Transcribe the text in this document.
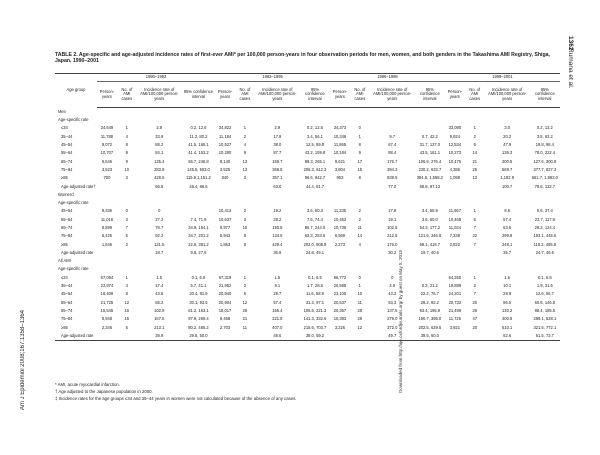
1362
Rumana et al.
Am J Epidemiol 2008;167:1358–1364	Downloaded from http://aje.oxfordjournals.org/ by guest on May 5, 2015
TABLE 2. Age-specific and age-adjusted incidence rates of first-ever AMI* per 100,000 person-years in four observation periods for men, women, and both genders in the Takashima AMI Registry, Shiga, Japan, 1990–2001
Age group	1990–1992				1993–1995				1996–1998				1999–2001			
	Person-years	No. of AMI cases	Incidence rate of AMI/100,000 person-years	95% confidence interval	Person-years	No. of AMI cases	Incidence rate of AMI/100,000 person-years	95% confidence interval	Person-years	No. of AMI cases	Incidence rate of AMI/100,000 person-years	95% confidence interval	Person-years	No. of AMI cases	Incidence rate of AMI/100,000 person-years	95% confidence interval
Men																
Age-specific rate																
≤34	34,649	1	2.9	0.2, 12.6	34,822	1	2.9	0.2, 12.6	34,373	0			33,090	1	3.0	0.2, 13.2
35–44	11,788	4	33.9	11.2, 80.2	11,184	2	17.9	3.4, 56.1	10,346	1	9.7	0.7, 42.2	9,924	2	20.2	3.8, 63.2
45–54	9,072	8	88.2	41.5, 166.1	10,527	4	38.0	12.5, 89.8	11,865	8	67.4	31.7, 127.0	12,534	6	47.9	19.8, 98.4
55–64	10,707	9	84.1	41.4, 153.2	10,290	9	87.7	43.2, 159.8	10,184	9	88.4	43.5, 161.1	10,273	14	136.3	78.0, 222.4
65–74	6,646	9	135.4	66.7, 246.8	8,140	13	159.7	89.3, 265.1	9,621	17	176.7	106.8, 276.4	10,475	21	200.5	127.6, 300.8
75–84	3,523	10	283.8	145.5, 503.0	3,525	13	368.8	206.3, 612.3	3,804	15	394.3	230.2, 633.7	4,386	25	569.7	377.7, 827.3
≥85	700	3	428.6	115.9,1,151.2	840	3	357.1	96.6, 942.7	953	8	839.5	394.8, 1,558.2	1,099	13	1,182.9	661.7, 1,983.0
Age-adjusted rate†			66.5	46.4, 86.6			63.0	44.4, 81.7			77.0	58.8, 97.13			100.7	78.6, 122.7
Women‡																
Age-specific rate																
45–54	9,336	0	0		10,413	2	19.2	3.6, 60.3	11,235	2	17.8	3.4, 55.9	11,667	1	8.6	0.6, 37.4
55–64	11,018	3	27.2	7.4, 71.9	10,637	3	28.2	7.6, 74.4	10,463	2	19.1	3.6, 60.0	10,469	6	57.4	23.7, 117.9
65–74	8,899	7	78.7	34.9, 154.1	9,977	15	150.9	86.7, 244.0	10,736	11	102.5	54.3, 177.2	11,024	7	63.5	28.2, 124.4
75–84	5,425	5	92.2	34.7, 201.2	5,943	8	134.6	63.3, 253.6	6,569	14	212.5	121.6, 346.8	7,338	22	299.8	193.1, 445.6
≥85	1,646	2	121.5	22.9, 381.2	1,863	8	429.4	202.0, 808.9	2,273	4	176.0	58.1, 415.7	2,822	7	248.1	110.2, 485.9
Age-adjusted rate			18.7	9.8, 27.6			36.9	24.8, 49.1			30.2	19.7, 40.6			35.7	24.7, 46.6
All AMI																
Age-specific rate																
≤34	67,084	1	1.5	0.1, 6.5	67,319	1	1.5	0.1, 6.5	66,772	0	0		64,260	1	1.6	0.1, 6.8
35–44	22,974	4	17.4	5.7, 41.1	21,952	2	9.1	1.7, 28.6	20,588	1	4.9	0.3, 21.2	19,889	2	10.1	1.9, 31.5
45–54	18,408	8	43.5	20.4, 81.9	20,940	6	28.7	11.6, 58.9	23,100	10	43.3	22.2, 76.7	24,201	7	28.9	12.6, 56.7
55–64	21,725	12	55.2	30.1, 93.5	20,904	12	57.4	31.3, 97.1	20,637	11	53.3	28.2, 92.2	20,732	20	96.5	60.6, 146.8
65–74	15,545	16	102.9	61.2, 163.1	18,017	28	155.4	105.5, 221.3	20,357	28	137.5	93.4, 195.9	21,499	28	130.2	88.4, 185.5
75–84	8,948	15	167.6	97.9, 269.4	9,468	21	221.8	141.3, 332.6	10,393	29	279.0	190.7, 395.0	11,726	47	400.8	298.1, 528.1
≥85	2,346	5	213.1	80.2, 465.2	2,703	11	407.0	215.6, 703.7	3,226	12	372.0	202.5, 629.5	3,921	20	510.1	321.5, 772.1
Age-adjusted rate			39.9	29.8, 50.0			48.6	38.0, 59.2			49.7	39.5, 60.0			62.6	51.5, 73.7
* AMI, acute myocardial infarction.
† Age adjusted to the Japanese population in 2000.
‡ Incidence rates for the age groups ≤34 and 35–44 years in women were not calculated because of the absence of any cases.
